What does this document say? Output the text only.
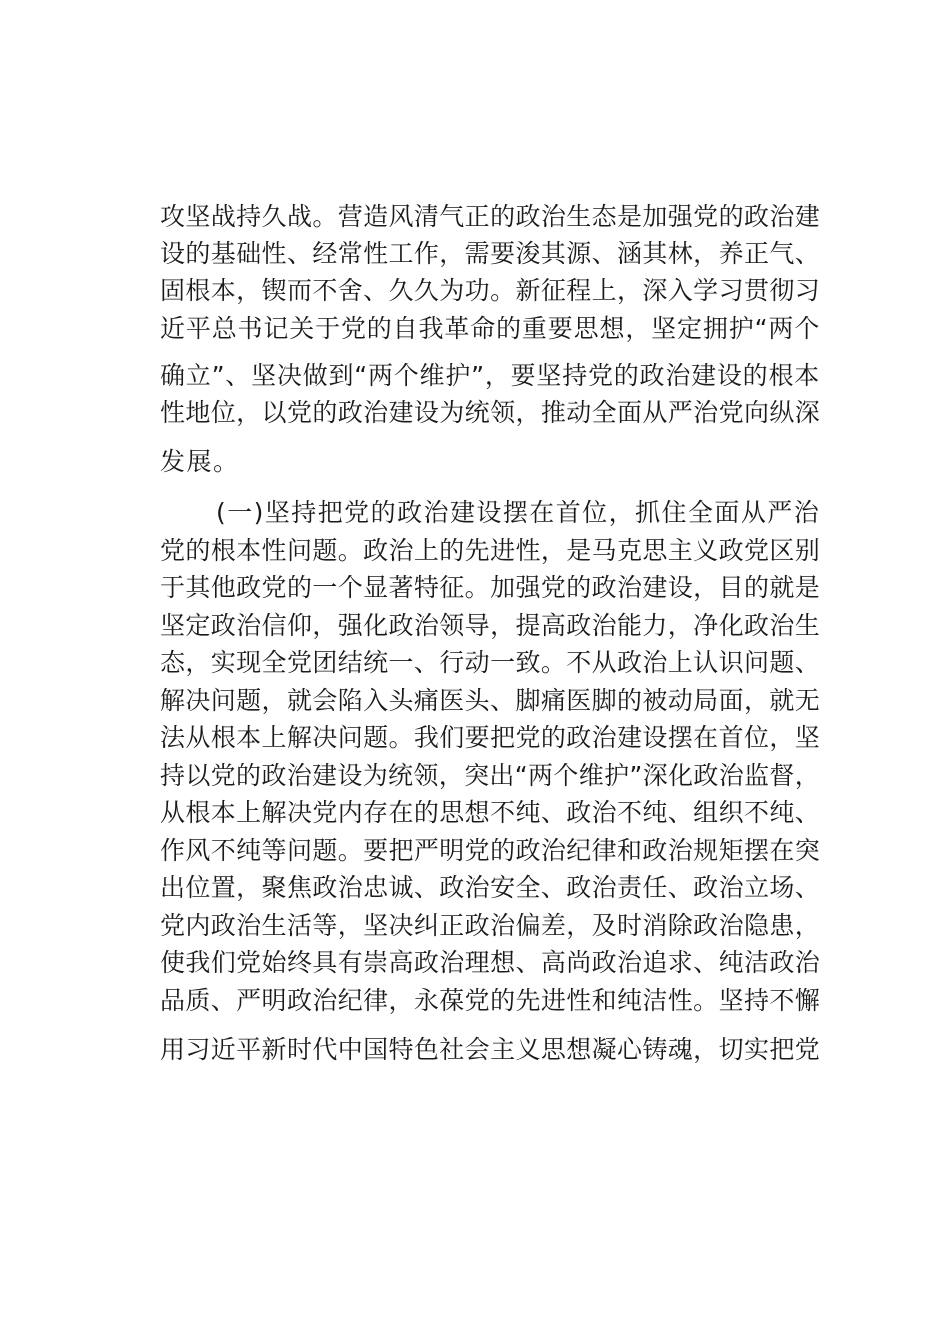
攻坚战持久战。营造风清气正的政治生态是加强党的政治建
设的基础性、经常性工作，需要浚其源、涵其林，养正气、
固根本，锲而不舍、久久为功。新征程上，深入学习贯彻习
近平总书记关于党的自我革命的重要思想，坚定拥护“两个
确立”、坚决做到“两个维护”，要坚持党的政治建设的根本
性地位，以党的政治建设为统领，推动全面从严治党向纵深
发展。
(一)坚持把党的政治建设摆在首位，抓住全面从严治
党的根本性问题。政治上的先进性，是马克思主义政党区别
于其他政党的一个显著特征。加强党的政治建设，目的就是
坚定政治信仰，强化政治领导，提高政治能力，净化政治生
态，实现全党团结统一、行动一致。不从政治上认识问题、
解决问题，就会陷入头痛医头、脚痛医脚的被动局面，就无
法从根本上解决问题。我们要把党的政治建设摆在首位，坚
持以党的政治建设为统领，突出“两个维护”深化政治监督，
从根本上解决党内存在的思想不纯、政治不纯、组织不纯、
作风不纯等问题。要把严明党的政治纪律和政治规矩摆在突
出位置，聚焦政治忠诚、政治安全、政治责任、政治立场、
党内政治生活等，坚决纠正政治偏差，及时消除政治隐患，
使我们党始终具有崇高政治理想、高尚政治追求、纯洁政治
品质、严明政治纪律，永葆党的先进性和纯洁性。坚持不懈
用习近平新时代中国特色社会主义思想凝心铸魂，切实把党
